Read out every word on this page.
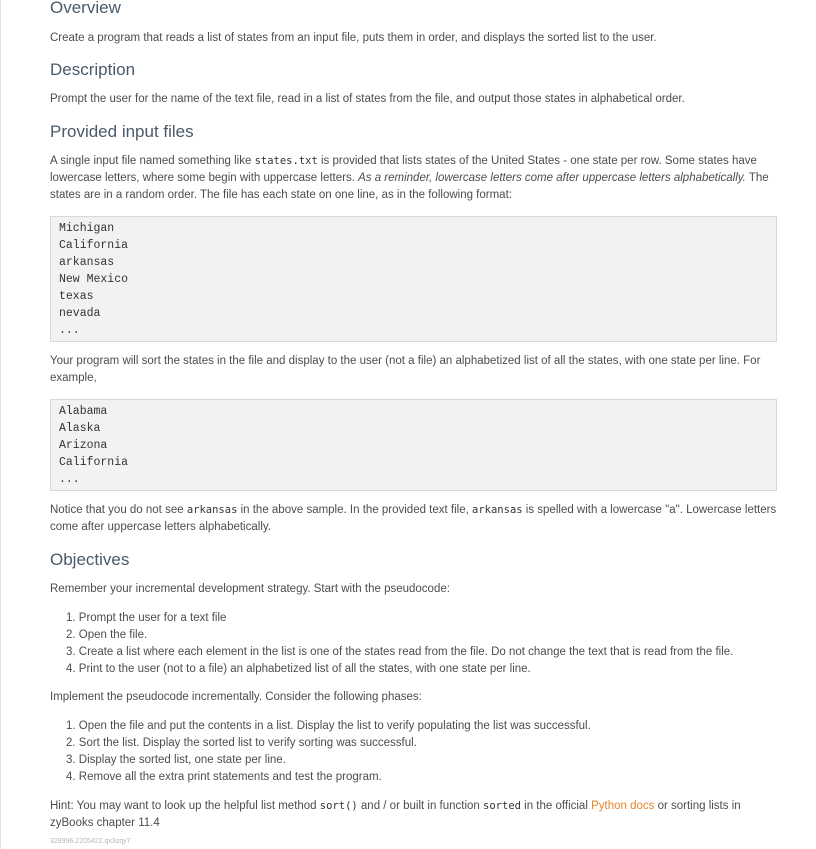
Overview

Create a program that reads a list of states from an input file, puts them in order, and displays the sorted list to the user.

Description

Prompt the user for the name of the text file, read in a list of states from the file, and output those states in alphabetical order.

Provided input files

A single input file named something like states.txt is provided that lists states of the United States - one state per row. Some states have lowercase letters, where some begin with uppercase letters. As a reminder, lowercase letters come after uppercase letters alphabetically. The states are in a random order. The file has each state on one line, as in the following format:

Michigan
California
arkansas
New Mexico
texas
nevada
...

Your program will sort the states in the file and display to the user (not a file) an alphabetized list of all the states, with one state per line. For example,

Alabama
Alaska
Arizona
California
...

Notice that you do not see arkansas in the above sample. In the provided text file, arkansas is spelled with a lowercase "a". Lowercase letters come after uppercase letters alphabetically.

Objectives

Remember your incremental development strategy. Start with the pseudocode:

1. Prompt the user for a text file
2. Open the file.
3. Create a list where each element in the list is one of the states read from the file. Do not change the text that is read from the file.
4. Print to the user (not to a file) an alphabetized list of all the states, with one state per line.

Implement the pseudocode incrementally. Consider the following phases:

1. Open the file and put the contents in a list. Display the list to verify populating the list was successful.
2. Sort the list. Display the sorted list to verify sorting was successful.
3. Display the sorted list, one state per line.
4. Remove all the extra print statements and test the program.

Hint: You may want to look up the helpful list method sort() and / or built in function sorted in the official Python docs or sorting lists in zyBooks chapter 11.4

328996.2205422.qx3zqy7
